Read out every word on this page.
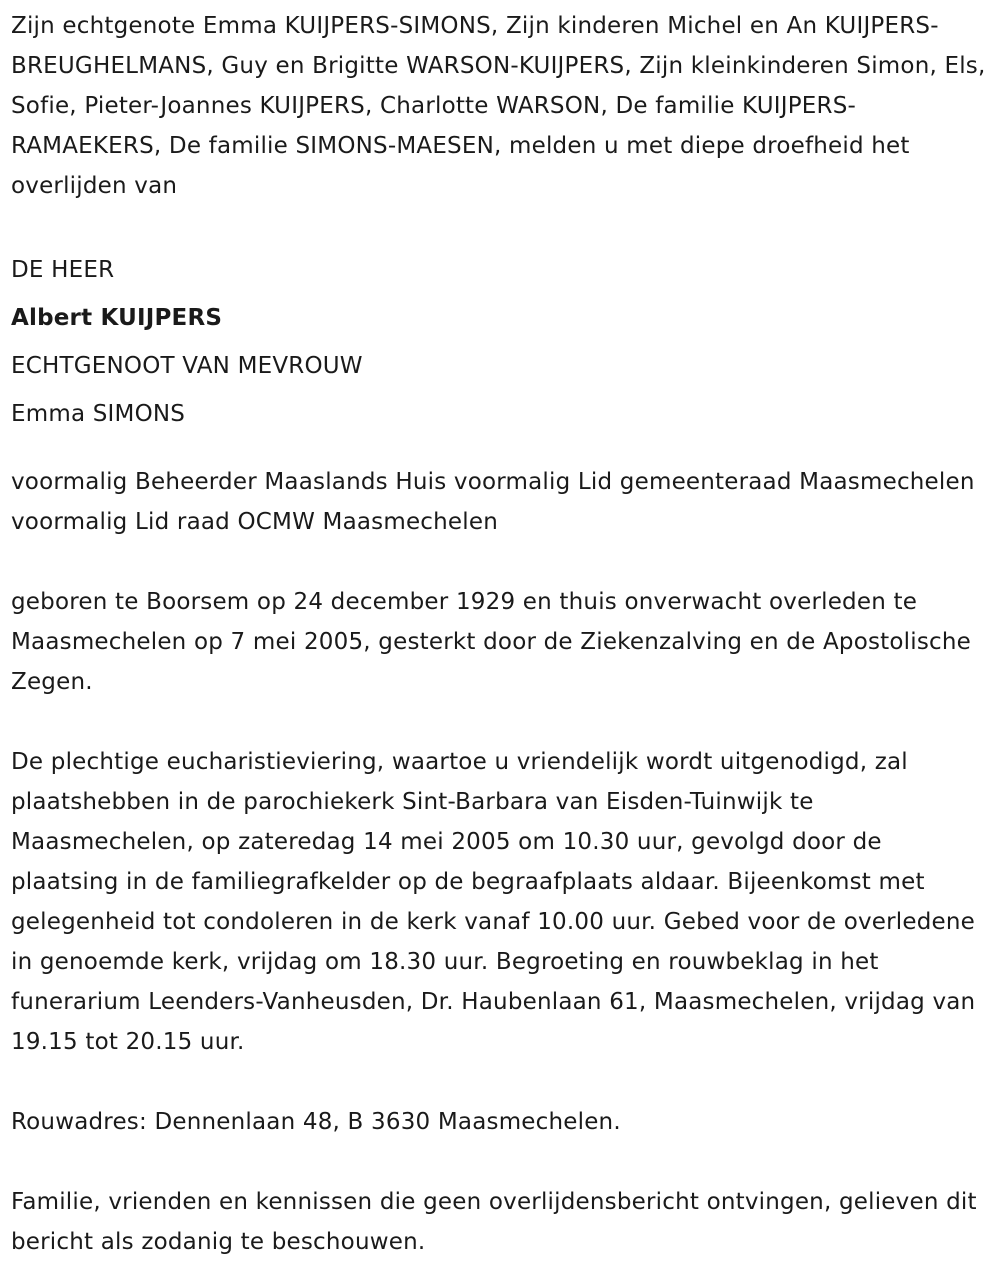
Zijn echtgenote Emma KUIJPERS-SIMONS, Zijn kinderen Michel en An KUIJPERS-BREUGHELMANS, Guy en Brigitte WARSON-KUIJPERS, Zijn kleinkinderen Simon, Els, Sofie, Pieter-Joannes KUIJPERS, Charlotte WARSON, De familie KUIJPERS-RAMAEKERS, De familie SIMONS-MAESEN, melden u met diepe droefheid het overlijden van

DE HEER

Albert KUIJPERS

ECHTGENOOT VAN MEVROUW

Emma SIMONS

voormalig Beheerder Maaslands Huis voormalig Lid gemeenteraad Maasmechelen voormalig Lid raad OCMW Maasmechelen

geboren te Boorsem op 24 december 1929 en thuis onverwacht overleden te Maasmechelen op 7 mei 2005, gesterkt door de Ziekenzalving en de Apostolische Zegen.

De plechtige eucharistieviering, waartoe u vriendelijk wordt uitgenodigd, zal plaatshebben in de parochiekerk Sint-Barbara van Eisden-Tuinwijk te Maasmechelen, op zateredag 14 mei 2005 om 10.30 uur, gevolgd door de plaatsing in de familiegrafkelder op de begraafplaats aldaar. Bijeenkomst met gelegenheid tot condoleren in de kerk vanaf 10.00 uur. Gebed voor de overledene in genoemde kerk, vrijdag om 18.30 uur. Begroeting en rouwbeklag in het funerarium Leenders-Vanheusden, Dr. Haubenlaan 61, Maasmechelen, vrijdag van 19.15 tot 20.15 uur.

Rouwadres: Dennenlaan 48, B 3630 Maasmechelen.

Familie, vrienden en kennissen die geen overlijdensbericht ontvingen, gelieven dit bericht als zodanig te beschouwen.
